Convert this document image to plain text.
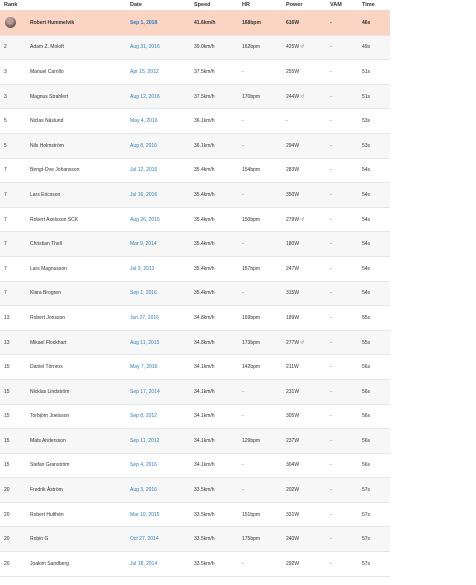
Rank		Date	Speed	HR	Power	VAM	Time
	Robert Hummelvik	Sep 1, 2018	41.6km/h	168bpm	616W	-	46s
2	Adam Z. Moloft	Aug 31, 2016	39.0km/h	162bpm	425W ≉	-	49s
3	Manuel Carrillo	Apr 15, 2012	37.5km/h	-	255W	-	51s
3	Magnus Strahlert	Aug 12, 2016	37.5km/h	170bpm	244W ≉	-	51s
5	Niclas Näslund	May 4, 2016	36.1km/h	-	-	-	53s
5	Nils Holmström	Aug 8, 2016	36.1km/h	-	294W	-	53s
7	Bengt-Ove Johansson	Jul 12, 2016	35.4km/h	154bpm	283W	-	54s
7	Lars Ericsson	Jul 16, 2016	35.4km/h	-	350W	-	54s
7	Robert Axelsson SCK	Aug 26, 2015	35.4km/h	150bpm	279W ≉	-	54s
7	Christian Thell	Mar 9, 2014	35.4km/h	-	180W	-	54s
7	Lars Magnusson	Jul 3, 2013	35.4km/h	157bpm	247W	-	54s
7	Klara Brogren	Sep 1, 2016	35.4km/h	-	315W	-	54s
13	Robert Jonsson	Jun 27, 2016	34.8km/h	169bpm	189W	-	55s
13	Mikael Flockhart	Aug 11, 2015	34.8km/h	173bpm	277W ≉	-	55s
15	Daniel Törnros	May 7, 2016	34.1km/h	142bpm	211W	-	56s
15	Nicklas Lindström	Sep 17, 2014	34.1km/h	-	231W	-	56s
15	Torbjörn Joelsson	Sep 8, 2012	34.1km/h	-	305W	-	56s
15	Mats Andersson	Sep 11, 2012	34.1km/h	129bpm	237W	-	56s
15	Stefan Granström	Sep 4, 2016	34.1km/h	-	304W	-	56s
20	Fredrik Åström	Aug 3, 2016	33.5km/h	-	202W	-	57s
20	Robert Hulthén	Mar 10, 2015	33.5km/h	151bpm	331W	-	57s
20	Robin G	Oct 27, 2014	33.5km/h	175bpm	240W	-	57s
20	Joakim Sandberg	Jul 18, 2014	33.5km/h	-	292W	-	57s
